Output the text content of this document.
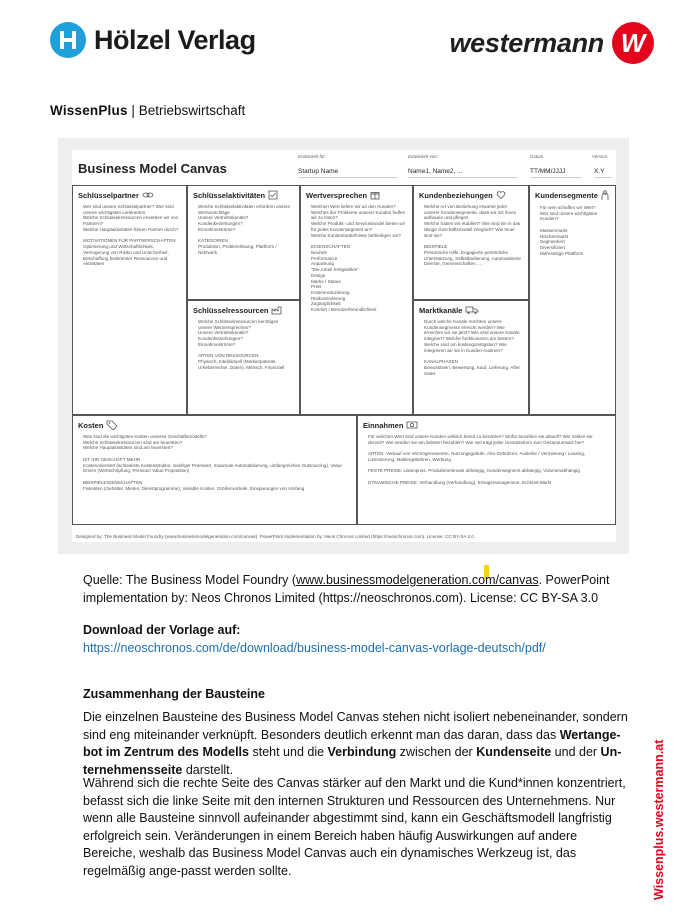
Hölzel Verlag	westermann W
WissenPlus | Betriebswirtschaft
Business Model Canvas
Entwickelt für:
Startup Name
Entwickelt von:
Name1, Name2, ...
Datum:
TT/MM/JJJJ
Version:
X.Y
Schlüsselpartner

Wer sind unsere Schlüsselpartner? Wer sind unsere wichtigsten Lieferanten
Welche Schlüsselressourcen erwerben wir von Partnern?
Welche Hauptaktivitäten führen Partner durch?

MOTIVATIONEN FÜR PARTNERSCHAFTEN
Optimierung und Wirtschaftlichkeit, Verringerung von Risiko und Unsicherheit, Beschaffung bestimmter Ressourcen und Aktivitäten

Schlüsselaktivitäten

Welche Schlüsselaktivitäten erfordern unsere Wertvorschläge
Unsere Vertriebskanäle?
Kundenbeziehungen?
Einnahmeströme?

KATEGORIEN
Produktion, Problemlösung, Plattform / Netzwerk

Schlüsselressourcen

Welche Schlüsselressourcen benötigen unsere Wertversprechen?
Unsere Vertriebskanäle?
Kundenbeziehungen?
Einnahmeströme?

ARTEN VON RESSOURCEN
Physisch, Intellektuell (Markenpatente, Urheberrechte, Daten), Mensch, Finanziell

Wertversprechen

Welchen Wert liefern wir an den Kunden?
Welches der Probleme unserer Kunden helfen wir zu lösen?
Welche Produkt- und Servicebündel bieten wir für jedes Kundensegment an?
Welche Kundenbedürfnisse befriedigen wir?

EIGENSCHAFTEN
Neuheit
Performance
Anpassung
"Die Arbeit fertigstellen"
Design
Marke / Status
Preis
Kostenreduzierung
Risikominderung
Zugänglichkeit
Komfort / Benutzerfreundlichkeit

Kundenbeziehungen

Welche Art von Beziehung erwartet jeder unserer Kundensegmente, dass wir mit ihnen aufbauen und pflegen
Welche haben wir etabliert? Wie sind sie in das übrige Geschäftsmodell integriert? Wie teuer sind sie?

BEISPIELE
Persönliche Hilfe, Engagierte persönliche Unterstützung, Selbstbedienung, Automatisierte Dienste, Gemeinschaften, ...

Marktkanäle

Durch welche Kanäle möchten unsere Kundensegmente erreicht werden? Wie erreichen wir sie jetzt? Wie sind unsere Kanäle integriert? Welche funktionieren am besten? Welche sind am kostengünstigsten? Wie integrieren wir sie in Kunden-routinen?

KANALPHASEN
Bewusstsein, Bewertung, Kauf, Lieferung, After Sales

Kundensegmente

Für wen schaffen wir Wert?
Wer sind unsere wichtigsten Kunden?

Massenmarkt
Nischenmarkt
Segmentiert
Diversifiziert
Mehrseitige Plattform

Kosten

Was sind die wichtigsten Kosten unseres Geschäftsmodells?
Welche Schlüsselressourcen sind am teuersten?
Welche Hauptaktivitäten sind am teuersten?

IST IHR GESCHÄFT MEHR
Kostenorientiert (schlankste Kostenstruktur, niedriger Preiswert, maximale Automatisierung, umfangreiches Outsourcing), Value Driven (Wertschöpfung, Premium Value Proposition)

BEISPIELEIGENSCHAFTEN
Fixkosten (Gehälter, Mieten, Dienstprogramme), Variable Kosten, Größenvorteile, Einsparungen von Umfang

Einnahmen

Für welchen Wert sind unsere Kunden wirklich bereit zu bezahlen? Wofür bezahlen sie aktuell? Wie zahlen sie derzeit? Wie würden sie am liebsten bezahlen? Wie viel trägt jeder Umsatzstrom zum Gesamtumsatz bei?

ARTEN: Verkauf von Vermögenswerten, Nutzungsgebühr, Abo-Gebühren, Ausleihe / Vermietung / Leasing, Lizenzierung, Maklergebühren, Werbung

FESTE PREISE: Listenpreis, Produktmerkmale abhängig, Kundensegment abhängig, Volumenabhängig

DYNAMISCHE PREISE: Verhandlung (Verhandlung), Ertragsmanagement, Echtzeit-Markt

Designed by: The Business Model Foundry (www.businessmodelgeneration.com/canvas). PowerPoint implementation by: Neos Chronos Limited (https://neoschronos.com). License: CC BY-SA 3.0
Quelle: The Business Model Foundry (www.businessmodelgeneration.com/canvas. PowerPoint implementation by: Neos Chronos Limited (https://neoschronos.com). License: CC BY-SA 3.0
Download der Vorlage auf:
https://neoschronos.com/de/download/business-model-canvas-vorlage-deutsch/pdf/
Zusammenhang der Bausteine
Die einzelnen Bausteine des Business Model Canvas stehen nicht isoliert nebeneinander, sondern sind eng miteinander verknüpft. Besonders deutlich erkennt man das daran, dass das Wertange-bot im Zentrum des Modells steht und die Verbindung zwischen der Kundenseite und der Un-ternehmensseite darstellt.
Während sich die rechte Seite des Canvas stärker auf den Markt und die Kund*innen konzentriert, befasst sich die linke Seite mit den internen Strukturen und Ressourcen des Unternehmens. Nur wenn alle Bausteine sinnvoll aufeinander abgestimmt sind, kann ein Geschäftsmodell langfristig erfolgreich sein. Veränderungen in einem Bereich haben häufig Auswirkungen auf andere Bereiche, weshalb das Business Model Canvas auch ein dynamisches Werkzeug ist, das regelmäßig ange-passt werden sollte.	Wissenplus.westermann.at
